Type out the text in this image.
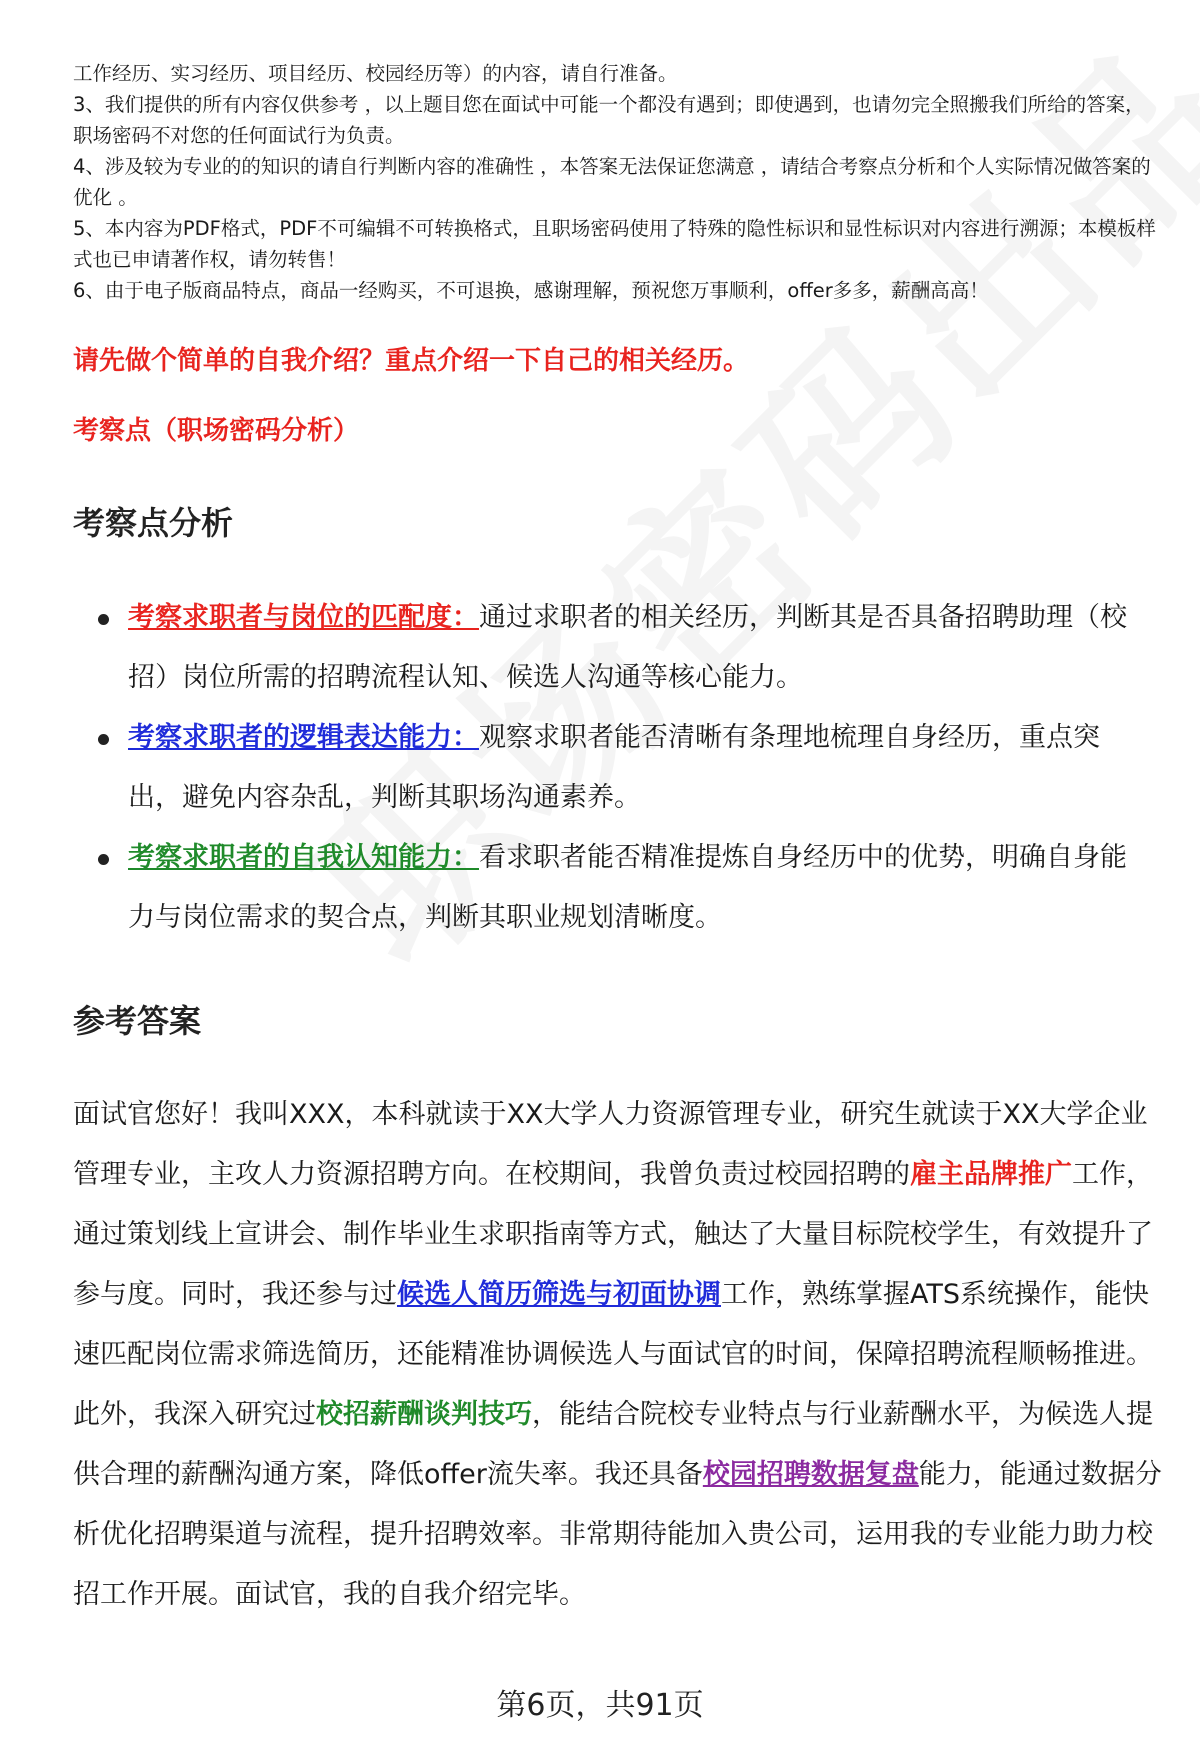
工作经历、实习经历、项目经历、校园经历等）的内容，请自行准备。

3、我们提供的所有内容仅供参考 ，以上题目您在面试中可能一个都没有遇到；即使遇到，也请勿完全照搬我们所给的答案，职场密码不对您的任何面试行为负责。

4、涉及较为专业的的知识的请自行判断内容的准确性 ，本答案无法保证您满意 ，请结合考察点分析和个人实际情况做答案的优化 。

5、本内容为PDF格式，PDF不可编辑不可转换格式，且职场密码使用了特殊的隐性标识和显性标识对内容进行溯源；本模板样式也已申请著作权，请勿转售！

6、由于电子版商品特点，商品一经购买，不可退换，感谢理解，预祝您万事顺利，offer多多，薪酬高高！

请先做个简单的自我介绍？重点介绍一下自己的相关经历。
考察点（职场密码分析）
考察点分析
考察求职者与岗位的匹配度：通过求职者的相关经历，判断其是否具备招聘助理（校招）岗位所需的招聘流程认知、候选人沟通等核心能力。
考察求职者的逻辑表达能力：观察求职者能否清晰有条理地梳理自身经历，重点突出，避免内容杂乱，判断其职场沟通素养。
考察求职者的自我认知能力：看求职者能否精准提炼自身经历中的优势，明确自身能力与岗位需求的契合点，判断其职业规划清晰度。
参考答案

面试官您好！我叫XXX，本科就读于XX大学人力资源管理专业，研究生就读于XX大学企业管理专业，主攻人力资源招聘方向。在校期间，我曾负责过校园招聘的雇主品牌推广工作，通过策划线上宣讲会、制作毕业生求职指南等方式，触达了大量目标院校学生，有效提升了参与度。同时，我还参与过候选人简历筛选与初面协调工作，熟练掌握ATS系统操作，能快速匹配岗位需求筛选简历，还能精准协调候选人与面试官的时间，保障招聘流程顺畅推进。此外，我深入研究过校招薪酬谈判技巧，能结合院校专业特点与行业薪酬水平，为候选人提供合理的薪酬沟通方案，降低offer流失率。我还具备校园招聘数据复盘能力，能通过数据分析优化招聘渠道与流程，提升招聘效率。非常期待能加入贵公司，运用我的专业能力助力校招工作开展。面试官，我的自我介绍完毕。

第6页，共91页
